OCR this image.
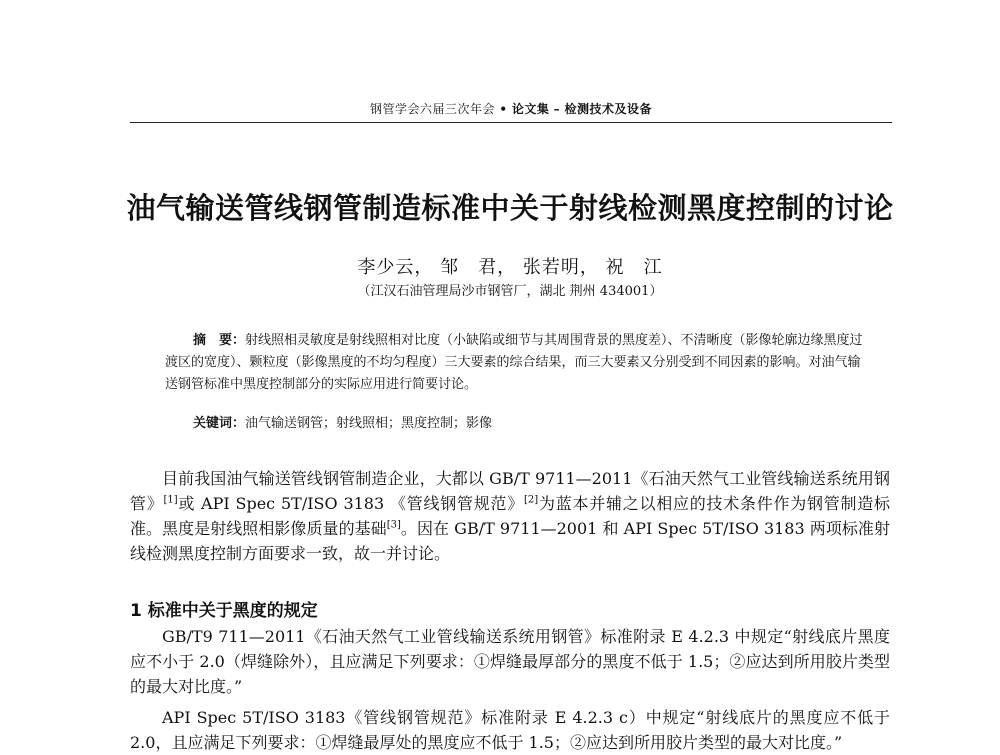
钢管学会六届三次年会 • 论文集 – 检测技术及设备
油气输送管线钢管制造标准中关于射线检测黑度控制的讨论
李少云， 邹　君， 张若明， 祝　江
（江汉石油管理局沙市钢管厂，湖北 荆州 434001）
摘　要：射线照相灵敏度是射线照相对比度（小缺陷或细节与其周围背景的黑度差）、不清晰度（影像轮廓边缘黑度过渡区的宽度）、颗粒度（影像黑度的不均匀程度）三大要素的综合结果，而三大要素又分别受到不同因素的影响。对油气输送钢管标准中黑度控制部分的实际应用进行简要讨论。
关键词：油气输送钢管；射线照相；黑度控制；影像
目前我国油气输送管线钢管制造企业，大都以 GB/T 9711—2011《石油天然气工业管线输送系统用钢管》[1]或 API Spec 5T/ISO 3183 《管线钢管规范》[2]为蓝本并辅之以相应的技术条件作为钢管制造标准。黑度是射线照相影像质量的基础[3]。因在 GB/T 9711—2001 和 API Spec 5T/ISO 3183 两项标准射线检测黑度控制方面要求一致，故一并讨论。
1 标准中关于黑度的规定
GB/T9 711—2011《石油天然气工业管线输送系统用钢管》标准附录 E 4.2.3 中规定“射线底片黑度应不小于 2.0（焊缝除外），且应满足下列要求：①焊缝最厚部分的黑度不低于 1.5；②应达到所用胶片类型的最大对比度。”
API Spec 5T/ISO 3183《管线钢管规范》标准附录 E 4.2.3 c）中规定“射线底片的黑度应不低于 2.0，且应满足下列要求：①焊缝最厚处的黑度应不低于 1.5；②应达到所用胶片类型的最大对比度。”
